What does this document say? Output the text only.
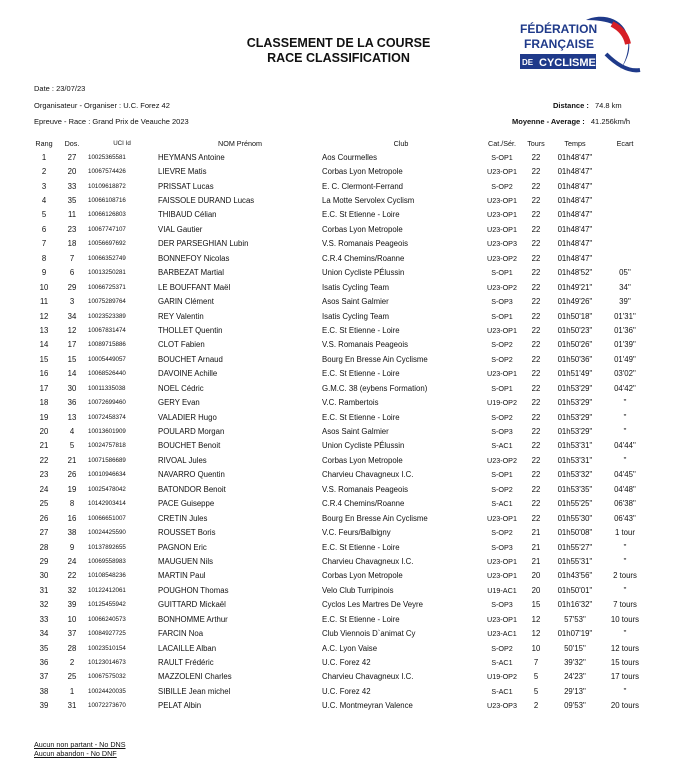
CLASSEMENT DE LA COURSE
RACE CLASSIFICATION
FÉDÉRATION
FRANÇAISE
DE CYCLISME
Date : 23/07/23
Organisateur - Organiser : U.C. Forez 42
Epreuve - Race : Grand Prix de Veauche 2023
Distance : 74.8 km
Moyenne - Average : 41.256km/h
Rang	Dos.	UCI Id	NOM Prénom	Club	Cat./Sér.	Tours	Temps	Ecart
1	27	10025365581	HEYMANS Antoine	Aos Courmelles	S-OP1	22	01h48'47''	
2	20	10067574426	LIEVRE Matis	Corbas Lyon Metropole	U23-OP1	22	01h48'47''	
3	33	10109618872	PRISSAT Lucas	E. C. Clermont-Ferrand	S-OP2	22	01h48'47''	
4	35	10066108716	FAISSOLE DURAND Lucas	La Motte Servolex Cyclism	U23-OP1	22	01h48'47''	
5	11	10066126803	THIBAUD Célian	E.C. St Etienne - Loire	U23-OP1	22	01h48'47''	
6	23	10067747107	VIAL Gautier	Corbas Lyon Metropole	U23-OP1	22	01h48'47''	
7	18	10056697692	DER PARSEGHIAN Lubin	V.S. Romanais Peageois	U23-OP3	22	01h48'47''	
8	7	10066352749	BONNEFOY Nicolas	C.R.4 Chemins/Roanne	U23-OP2	22	01h48'47''	
9	6	10013250281	BARBEZAT Martial	Union Cycliste PÉlussin	S-OP1	22	01h48'52''	05''
10	29	10066725371	LE BOUFFANT Maël	Isatis Cycling Team	U23-OP2	22	01h49'21''	34''
11	3	10075289764	GARIN Clément	Asos Saint Galmier	S-OP3	22	01h49'26''	39''
12	34	10023523389	REY Valentin	Isatis Cycling Team	S-OP1	22	01h50'18''	01'31''
13	12	10067831474	THOLLET Quentin	E.C. St Etienne - Loire	U23-OP1	22	01h50'23''	01'36''
14	17	10089715886	CLOT Fabien	V.S. Romanais Peageois	S-OP2	22	01h50'26''	01'39''
15	15	10005449057	BOUCHET Arnaud	Bourg En Bresse Ain Cyclisme	S-OP2	22	01h50'36''	01'49''
16	14	10068526440	DAVOINE Achille	E.C. St Etienne - Loire	U23-OP1	22	01h51'49''	03'02''
17	30	10011335038	NOEL Cédric	G.M.C. 38 (eybens Formation)	S-OP1	22	01h53'29''	04'42''
18	36	10072699460	GERY Evan	V.C. Rambertois	U19-OP2	22	01h53'29''	''
19	13	10072458374	VALADIER Hugo	E.C. St Etienne - Loire	S-OP2	22	01h53'29''	''
20	4	10013601909	POULARD Morgan	Asos Saint Galmier	S-OP3	22	01h53'29''	''
21	5	10024757818	BOUCHET Benoit	Union Cycliste PÉlussin	S-AC1	22	01h53'31''	04'44''
22	21	10071586689	RIVOAL Jules	Corbas Lyon Metropole	U23-OP2	22	01h53'31''	''
23	26	10010946634	NAVARRO Quentin	Charvieu Chavagneux I.C.	S-OP1	22	01h53'32''	04'45''
24	19	10025478042	BATONDOR Benoit	V.S. Romanais Peageois	S-OP2	22	01h53'35''	04'48''
25	8	10142903414	PACE Guiseppe	C.R.4 Chemins/Roanne	S-AC1	22	01h55'25''	06'38''
26	16	10066651007	CRETIN Jules	Bourg En Bresse Ain Cyclisme	U23-OP1	22	01h55'30''	06'43''
27	38	10024425590	ROUSSET Boris	V.C. Feurs/Balbigny	S-OP2	21	01h50'08''	1 tour
28	9	10137892655	PAGNON Eric	E.C. St Etienne - Loire	S-OP3	21	01h55'27''	''
29	24	10069558983	MAUGUEN Nils	Charvieu Chavagneux I.C.	U23-OP1	21	01h55'31''	''
30	22	10108548236	MARTIN Paul	Corbas Lyon Metropole	U23-OP1	20	01h43'56''	2 tours
31	32	10122412061	POUGHON Thomas	Velo Club Turripinois	U19-AC1	20	01h50'01''	''
32	39	10125455942	GUITTARD Mickaël	Cyclos Les Martres De Veyre	S-OP3	15	01h16'32''	7 tours
33	10	10066240573	BONHOMME Arthur	E.C. St Etienne - Loire	U23-OP1	12	57'53''	10 tours
34	37	10084927725	FARCIN Noa	Club Viennois D`animat Cy	U23-AC1	12	01h07'19''	''
35	28	10023510154	LACAILLE Alban	A.C. Lyon Vaise	S-OP2	10	50'15''	12 tours
36	2	10123014673	RAULT Frédéric	U.C. Forez 42	S-AC1	7	39'32''	15 tours
37	25	10067575032	MAZZOLENI Charles	Charvieu Chavagneux I.C.	U19-OP2	5	24'23''	17 tours
38	1	10024420035	SIBILLE Jean michel	U.C. Forez 42	S-AC1	5	29'13''	''
39	31	10072273670	PELAT Albin	U.C. Montmeyran Valence	U23-OP3	2	09'53''	20 tours
Aucun non partant - No DNS
Aucun abandon - No DNF
